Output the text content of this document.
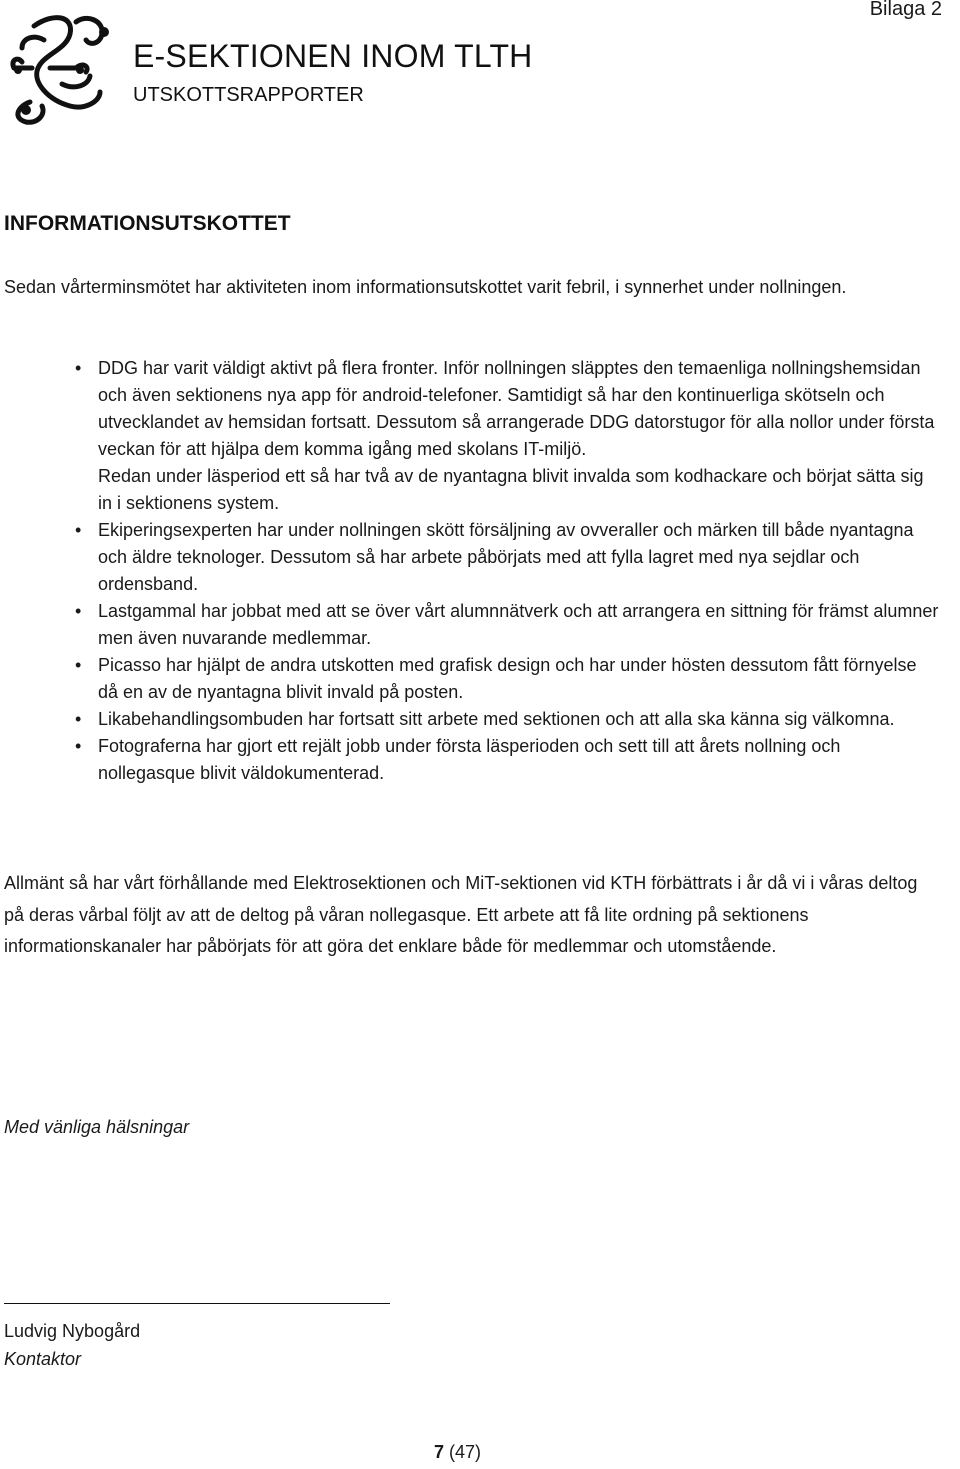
Bilaga 2
E-SEKTIONEN INOM TLTH
UTSKOTTSRAPPORTER
INFORMATIONSUTSKOTTET
Sedan vårterminsmötet har aktiviteten inom informationsutskottet varit febril, i synnerhet under nollningen.
• DDG har varit väldigt aktivt på flera fronter. Inför nollningen släpptes den temaenliga nollningshemsidan och även sektionens nya app för android-telefoner. Samtidigt så har den kontinuerliga skötseln och utvecklandet av hemsidan fortsatt. Dessutom så arrangerade DDG datorstugor för alla nollor under första veckan för att hjälpa dem komma igång med skolans IT-miljö.
Redan under läsperiod ett så har två av de nyantagna blivit invalda som kodhackare och börjat sätta sig in i sektionens system.
• Ekiperingsexperten har under nollningen skött försäljning av ovveraller och märken till både nyantagna och äldre teknologer. Dessutom så har arbete påbörjats med att fylla lagret med nya sejdlar och ordensband.
• Lastgammal har jobbat med att se över vårt alumnnätverk och att arrangera en sittning för främst alumner men även nuvarande medlemmar.
• Picasso har hjälpt de andra utskotten med grafisk design och har under hösten dessutom fått förnyelse då en av de nyantagna blivit invald på posten.
• Likabehandlingsombuden har fortsatt sitt arbete med sektionen och att alla ska känna sig välkomna.
• Fotograferna har gjort ett rejält jobb under första läsperioden och sett till att årets nollning och nollegasque blivit väldokumenterad.
Allmänt så har vårt förhållande med Elektrosektionen och MiT-sektionen vid KTH förbättrats i år då vi i våras deltog på deras vårbal följt av att de deltog på våran nollegasque. Ett arbete att få lite ordning på sektionens informationskanaler har påbörjats för att göra det enklare både för medlemmar och utomstående.
Med vänliga hälsningar
Ludvig Nybogård
Kontaktor
7 (47)
